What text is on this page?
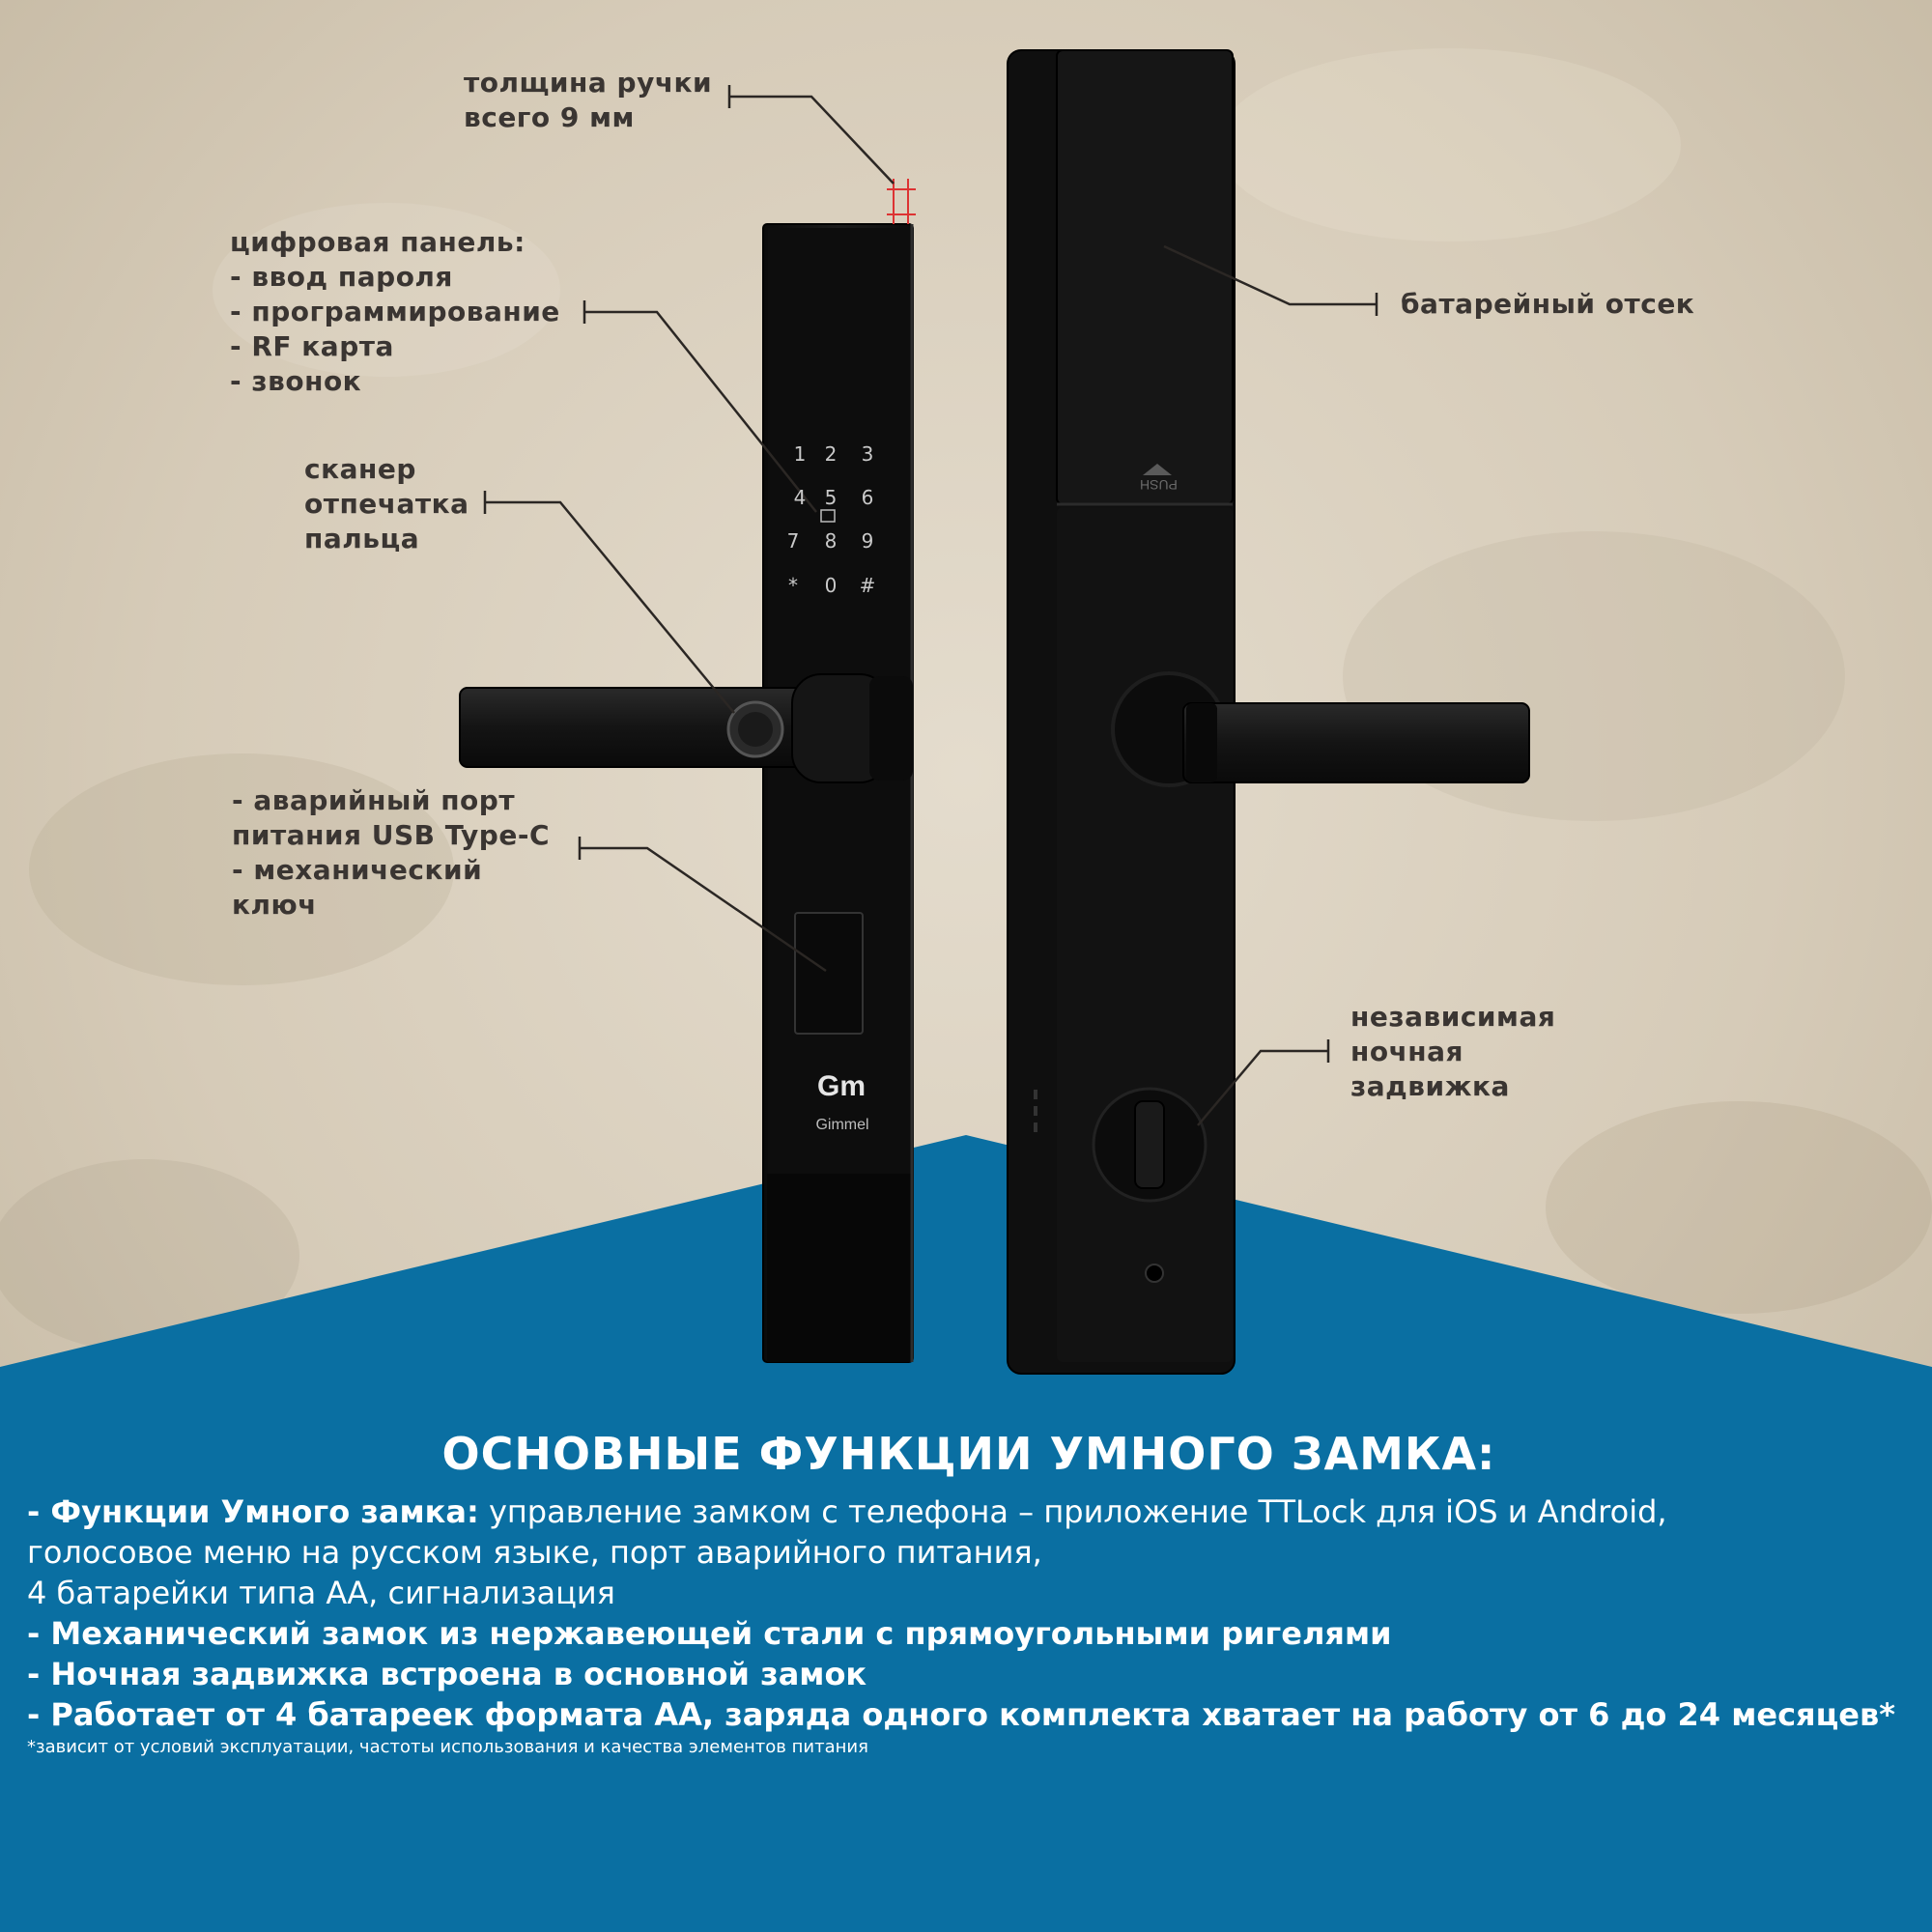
1 2	3
4 5	6
7	8	9
*	0	#
Gm
Gimmel
PUSH
толщина ручки
всего 9 мм
цифровая панель:
- ввод пароля
- программирование
- RF карта
- звонок
сканер
отпечатка
пальца
- аварийный порт
питания USB Type-C
- механический
ключ
батарейный отсек
независимая
ночная
задвижка
ОСНОВНЫЕ ФУНКЦИИ УМНОГО ЗАМКА:
- Функции Умного замка: управление замком с телефона – приложение TTLock для iOS и Android,
голосовое меню на русском языке, порт аварийного питания,
4 батарейки типа АА, сигнализация
- Механический замок из нержавеющей стали с прямоугольными ригелями
- Ночная задвижка встроена в основной замок
- Работает от 4 батареек формата АА, заряда одного комплекта хватает на работу от 6 до 24 месяцев*
*зависит от условий эксплуатации, частоты использования и качества элементов питания
